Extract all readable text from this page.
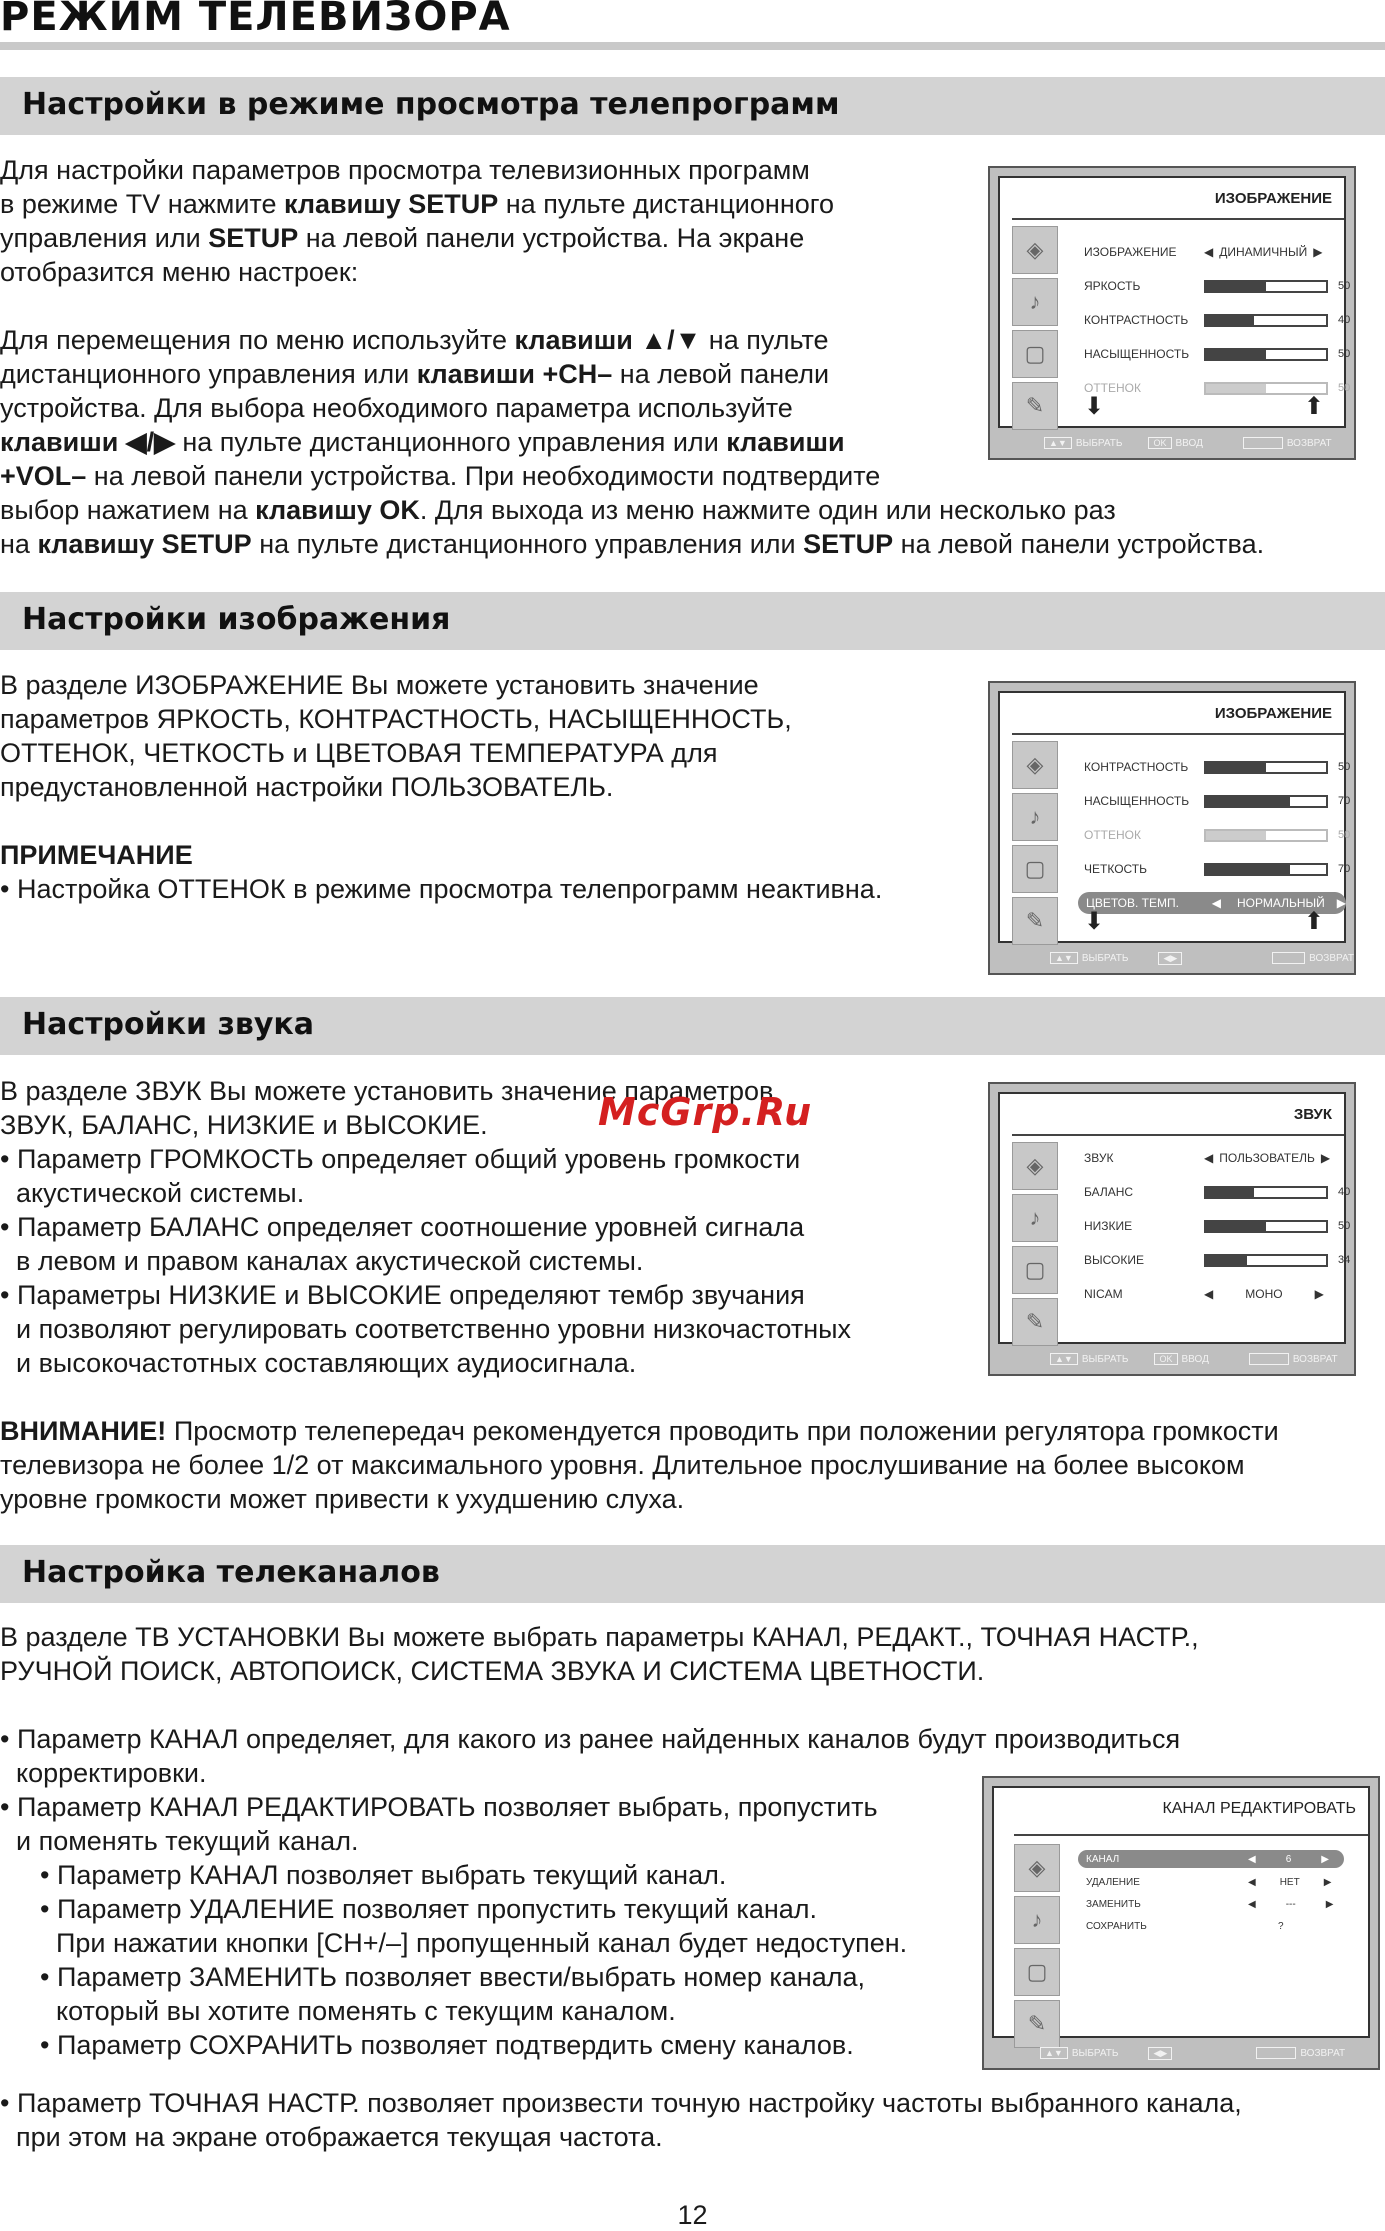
РЕЖИМ ТЕЛЕВИЗОРА
Настройки в режиме просмотра телепрограмм

Для настройки параметров просмотра телевизионных программ

в режиме TV нажмите клавишу SETUP на пульте дистанционного

управления или SETUP на левой панели устройства. На экране

отобразится меню настроек:

Для перемещения по меню используйте клавиши ▲/▼ на пульте

дистанционного управления или клавиши +CH– на левой панели

устройства. Для выбора необходимого параметра используйте

клавиши ◀/▶ на пульте дистанционного управления или клавиши

+VOL– на левой панели устройства. При необходимости подтвердите

выбор нажатием на клавишу OK. Для выхода из меню нажмите один или несколько раз

на клавишу SETUP на пульте дистанционного управления или SETUP на левой панели устройства.

ИЗОБРАЖЕНИЕ
◈
♪
▢
✎
ИЗОБРАЖЕНИЕ	◀ ДИНАМИЧНЫЙ ▶
ЯРКОСТЬ	50
КОНТРАСТНОСТЬ	40
НАСЫЩЕННОСТЬ	50
ОТТЕНОК	50
⬇	⬆
▲▼ ВЫБРАТЬ	OK ВВОД	ВОЗВРАТ
Настройки изображения

В разделе ИЗОБРАЖЕНИЕ Вы можете установить значение

параметров ЯРКОСТЬ, КОНТРАСТНОСТЬ, НАСЫЩЕННОСТЬ,

ОТТЕНОК, ЧЕТКОСТЬ и ЦВЕТОВАЯ ТЕМПЕРАТУРА для

предустановленной настройки ПОЛЬЗОВАТЕЛЬ.

ПРИМЕЧАНИЕ

• Настройка ОТТЕНОК в режиме просмотра телепрограмм неактивна.

ИЗОБРАЖЕНИЕ
◈
♪
▢
✎
КОНТРАСТНОСТЬ	50
НАСЫЩЕННОСТЬ	70
ОТТЕНОК	50
ЧЕТКОСТЬ	70
ЦВЕТОВ. ТЕМП.	◀ НОРМАЛЬНЫЙ ▶
⬇	⬆
▲▼ ВЫБРАТЬ	◀▶	ВОЗВРАТ
Настройки звука

В разделе ЗВУК Вы можете установить значение параметров

ЗВУК, БАЛАНС, НИЗКИЕ и ВЫСОКИЕ.

• Параметр ГРОМКОСТЬ определяет общий уровень громкости

акустической системы.

• Параметр БАЛАНС определяет соотношение уровней сигнала

в левом и правом каналах акустической системы.

• Параметры НИЗКИЕ и ВЫСОКИЕ определяют тембр звучания

и позволяют регулировать соответственно уровни низкочастотных

и высокочастотных составляющих аудиосигнала.

McGrp.Ru	ЗВУК
◈
♪
▢
✎
ЗВУК	◀ ПОЛЬЗОВАТЕЛЬ ▶
БАЛАНС	40
НИЗКИЕ	50
ВЫСОКИЕ	34
NICAM	◀	МОНО	▶
▲▼ ВЫБРАТЬ	OK ВВОД	ВОЗВРАТ

ВНИМАНИЕ! Просмотр телепередач рекомендуется проводить при положении регулятора громкости

телевизора не более 1/2 от максимального уровня. Длительное прослушивание на более высоком

уровне громкости может привести к ухудшению слуха.

Настройка телеканалов

В разделе ТВ УСТАНОВКИ Вы можете выбрать параметры КАНАЛ, РЕДАКТ., ТОЧНАЯ НАСТР.,

РУЧНОЙ ПОИСК, АВТОПОИСК, СИСТЕМА ЗВУКА И СИСТЕМА ЦВЕТНОСТИ.

• Параметр КАНАЛ определяет, для какого из ранее найденных каналов будут производиться

корректировки.

• Параметр КАНАЛ РЕДАКТИРОВАТЬ позволяет выбрать, пропустить

и поменять текущий канал.

• Параметр КАНАЛ позволяет выбрать текущий канал.

• Параметр УДАЛЕНИЕ позволяет пропустить текущий канал.

При нажатии кнопки [CH+/–] пропущенный канал будет недоступен.

• Параметр ЗАМЕНИТЬ позволяет ввести/выбрать номер канала,

который вы хотите поменять с текущим каналом.

• Параметр СОХРАНИТЬ позволяет подтвердить смену каналов.

КАНАЛ РЕДАКТИРОВАТЬ
◈
♪
▢
✎
КАНАЛ	◀	6	▶
УДАЛЕНИЕ	◀ НЕТ ▶
ЗАМЕНИТЬ	◀	---	▶
СОХРАНИТЬ	?
▲▼ ВЫБРАТЬ	◀▶	ВОЗВРАТ

• Параметр ТОЧНАЯ НАСТР. позволяет произвести точную настройку частоты выбранного канала,

при этом на экране отображается текущая частота.

12
